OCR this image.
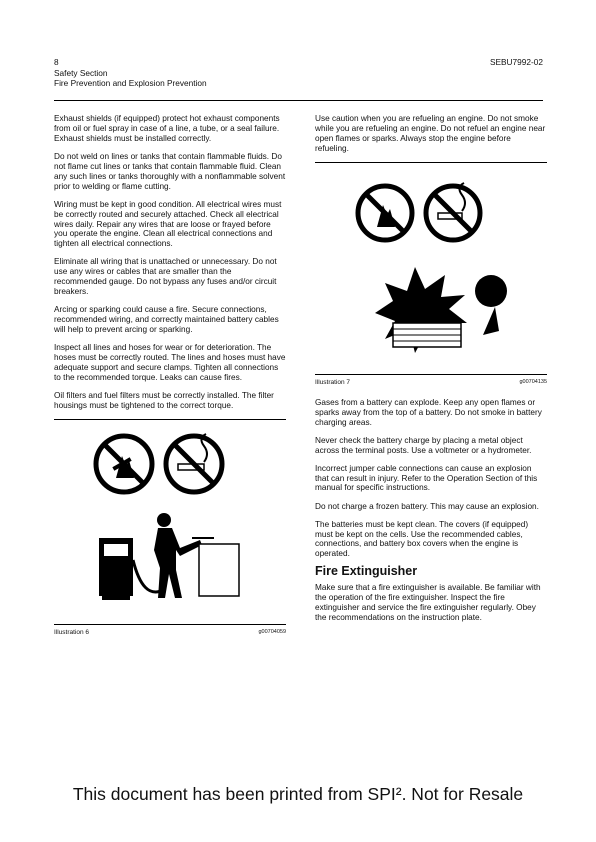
8
Safety Section
Fire Prevention and Explosion Prevention
SEBU7992-02

Exhaust shields (if equipped) protect hot exhaust components from oil or fuel spray in case of a line, a tube, or a seal failure. Exhaust shields must be installed correctly.

Do not weld on lines or tanks that contain flammable fluids. Do not flame cut lines or tanks that contain flammable fluid. Clean any such lines or tanks thoroughly with a nonflammable solvent prior to welding or flame cutting.

Wiring must be kept in good condition. All electrical wires must be correctly routed and securely attached. Check all electrical wires daily. Repair any wires that are loose or frayed before you operate the engine. Clean all electrical connections and tighten all electrical connections.

Eliminate all wiring that is unattached or unnecessary. Do not use any wires or cables that are smaller than the recommended gauge. Do not bypass any fuses and/or circuit breakers.

Arcing or sparking could cause a fire. Secure connections, recommended wiring, and correctly maintained battery cables will help to prevent arcing or sparking.

Inspect all lines and hoses for wear or for deterioration. The hoses must be correctly routed. The lines and hoses must have adequate support and secure clamps. Tighten all connections to the recommended torque. Leaks can cause fires.

Oil filters and fuel filters must be correctly installed. The filter housings must be tightened to the correct torque.

Illustration 6	g00704059

Use caution when you are refueling an engine. Do not smoke while you are refueling an engine. Do not refuel an engine near open flames or sparks. Always stop the engine before refueling.

Illustration 7	g00704135

Gases from a battery can explode. Keep any open flames or sparks away from the top of a battery. Do not smoke in battery charging areas.

Never check the battery charge by placing a metal object across the terminal posts. Use a voltmeter or a hydrometer.

Incorrect jumper cable connections can cause an explosion that can result in injury. Refer to the Operation Section of this manual for specific instructions.

Do not charge a frozen battery. This may cause an explosion.

The batteries must be kept clean. The covers (if equipped) must be kept on the cells. Use the recommended cables, connections, and battery box covers when the engine is operated.

Fire Extinguisher

Make sure that a fire extinguisher is available. Be familiar with the operation of the fire extinguisher. Inspect the fire extinguisher and service the fire extinguisher regularly. Obey the recommendations on the instruction plate.

This document has been printed from SPI². Not for Resale
